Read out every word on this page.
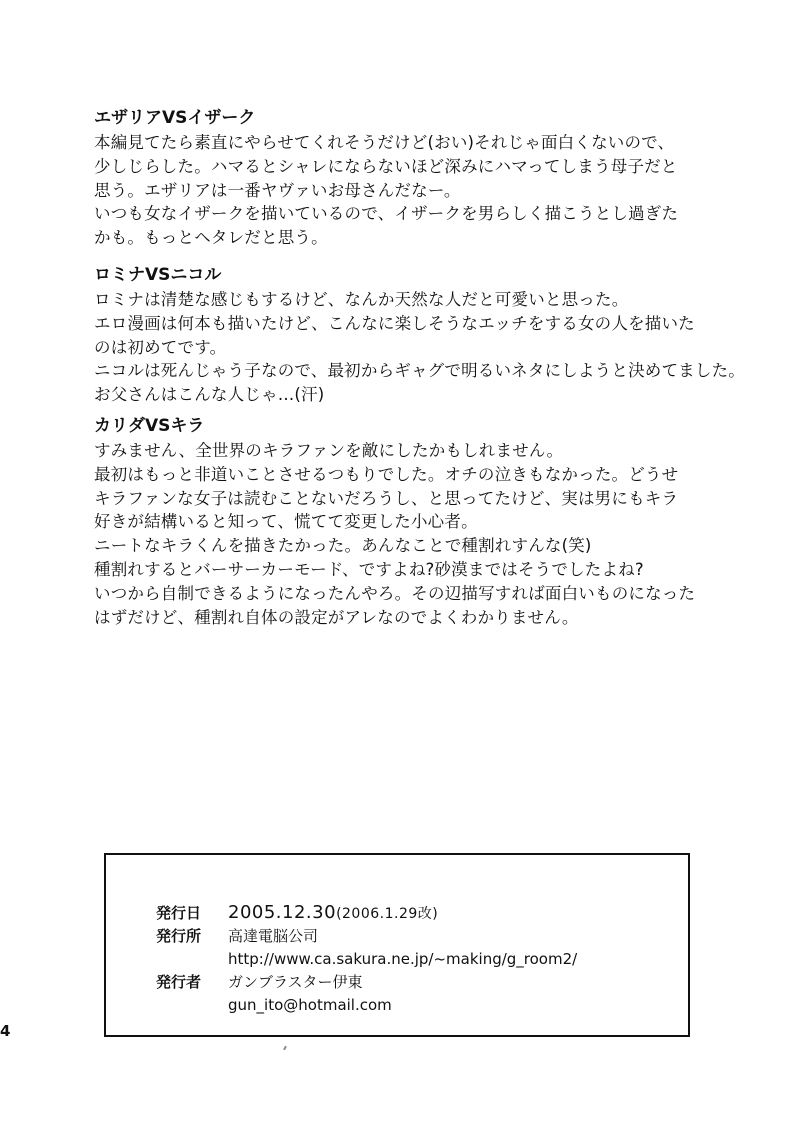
エザリアVSイザーク
本編見てたら素直にやらせてくれそうだけど(おい)それじゃ面白くないので、
少しじらした。ハマるとシャレにならないほど深みにハマってしまう母子だと
思う。エザリアは一番ヤヴァいお母さんだなー。
いつも女なイザークを描いているので、イザークを男らしく描こうとし過ぎた
かも。もっとヘタレだと思う。
ロミナVSニコル
ロミナは清楚な感じもするけど、なんか天然な人だと可愛いと思った。
エロ漫画は何本も描いたけど、こんなに楽しそうなエッチをする女の人を描いた
のは初めてです。
ニコルは死んじゃう子なので、最初からギャグで明るいネタにしようと決めてました。
お父さんはこんな人じゃ…(汗)
カリダVSキラ
すみません、全世界のキラファンを敵にしたかもしれません。
最初はもっと非道いことさせるつもりでした。オチの泣きもなかった。どうせ
キラファンな女子は読むことないだろうし、と思ってたけど、実は男にもキラ
好きが結構いると知って、慌てて変更した小心者。
ニートなキラくんを描きたかった。あんなことで種割れすんな(笑)
種割れするとバーサーカーモード、ですよね?砂漠まではそうでしたよね?
いつから自制できるようになったんやろ。その辺描写すれば面白いものになった
はずだけど、種割れ自体の設定がアレなのでよくわかりません。
発行日 2005.12.30(2006.1.29改)
発行所 高達電脳公司
http://www.ca.sakura.ne.jp/~making/g_room2/
発行者 ガンブラスター伊東
gun_ito@hotmail.com
4
